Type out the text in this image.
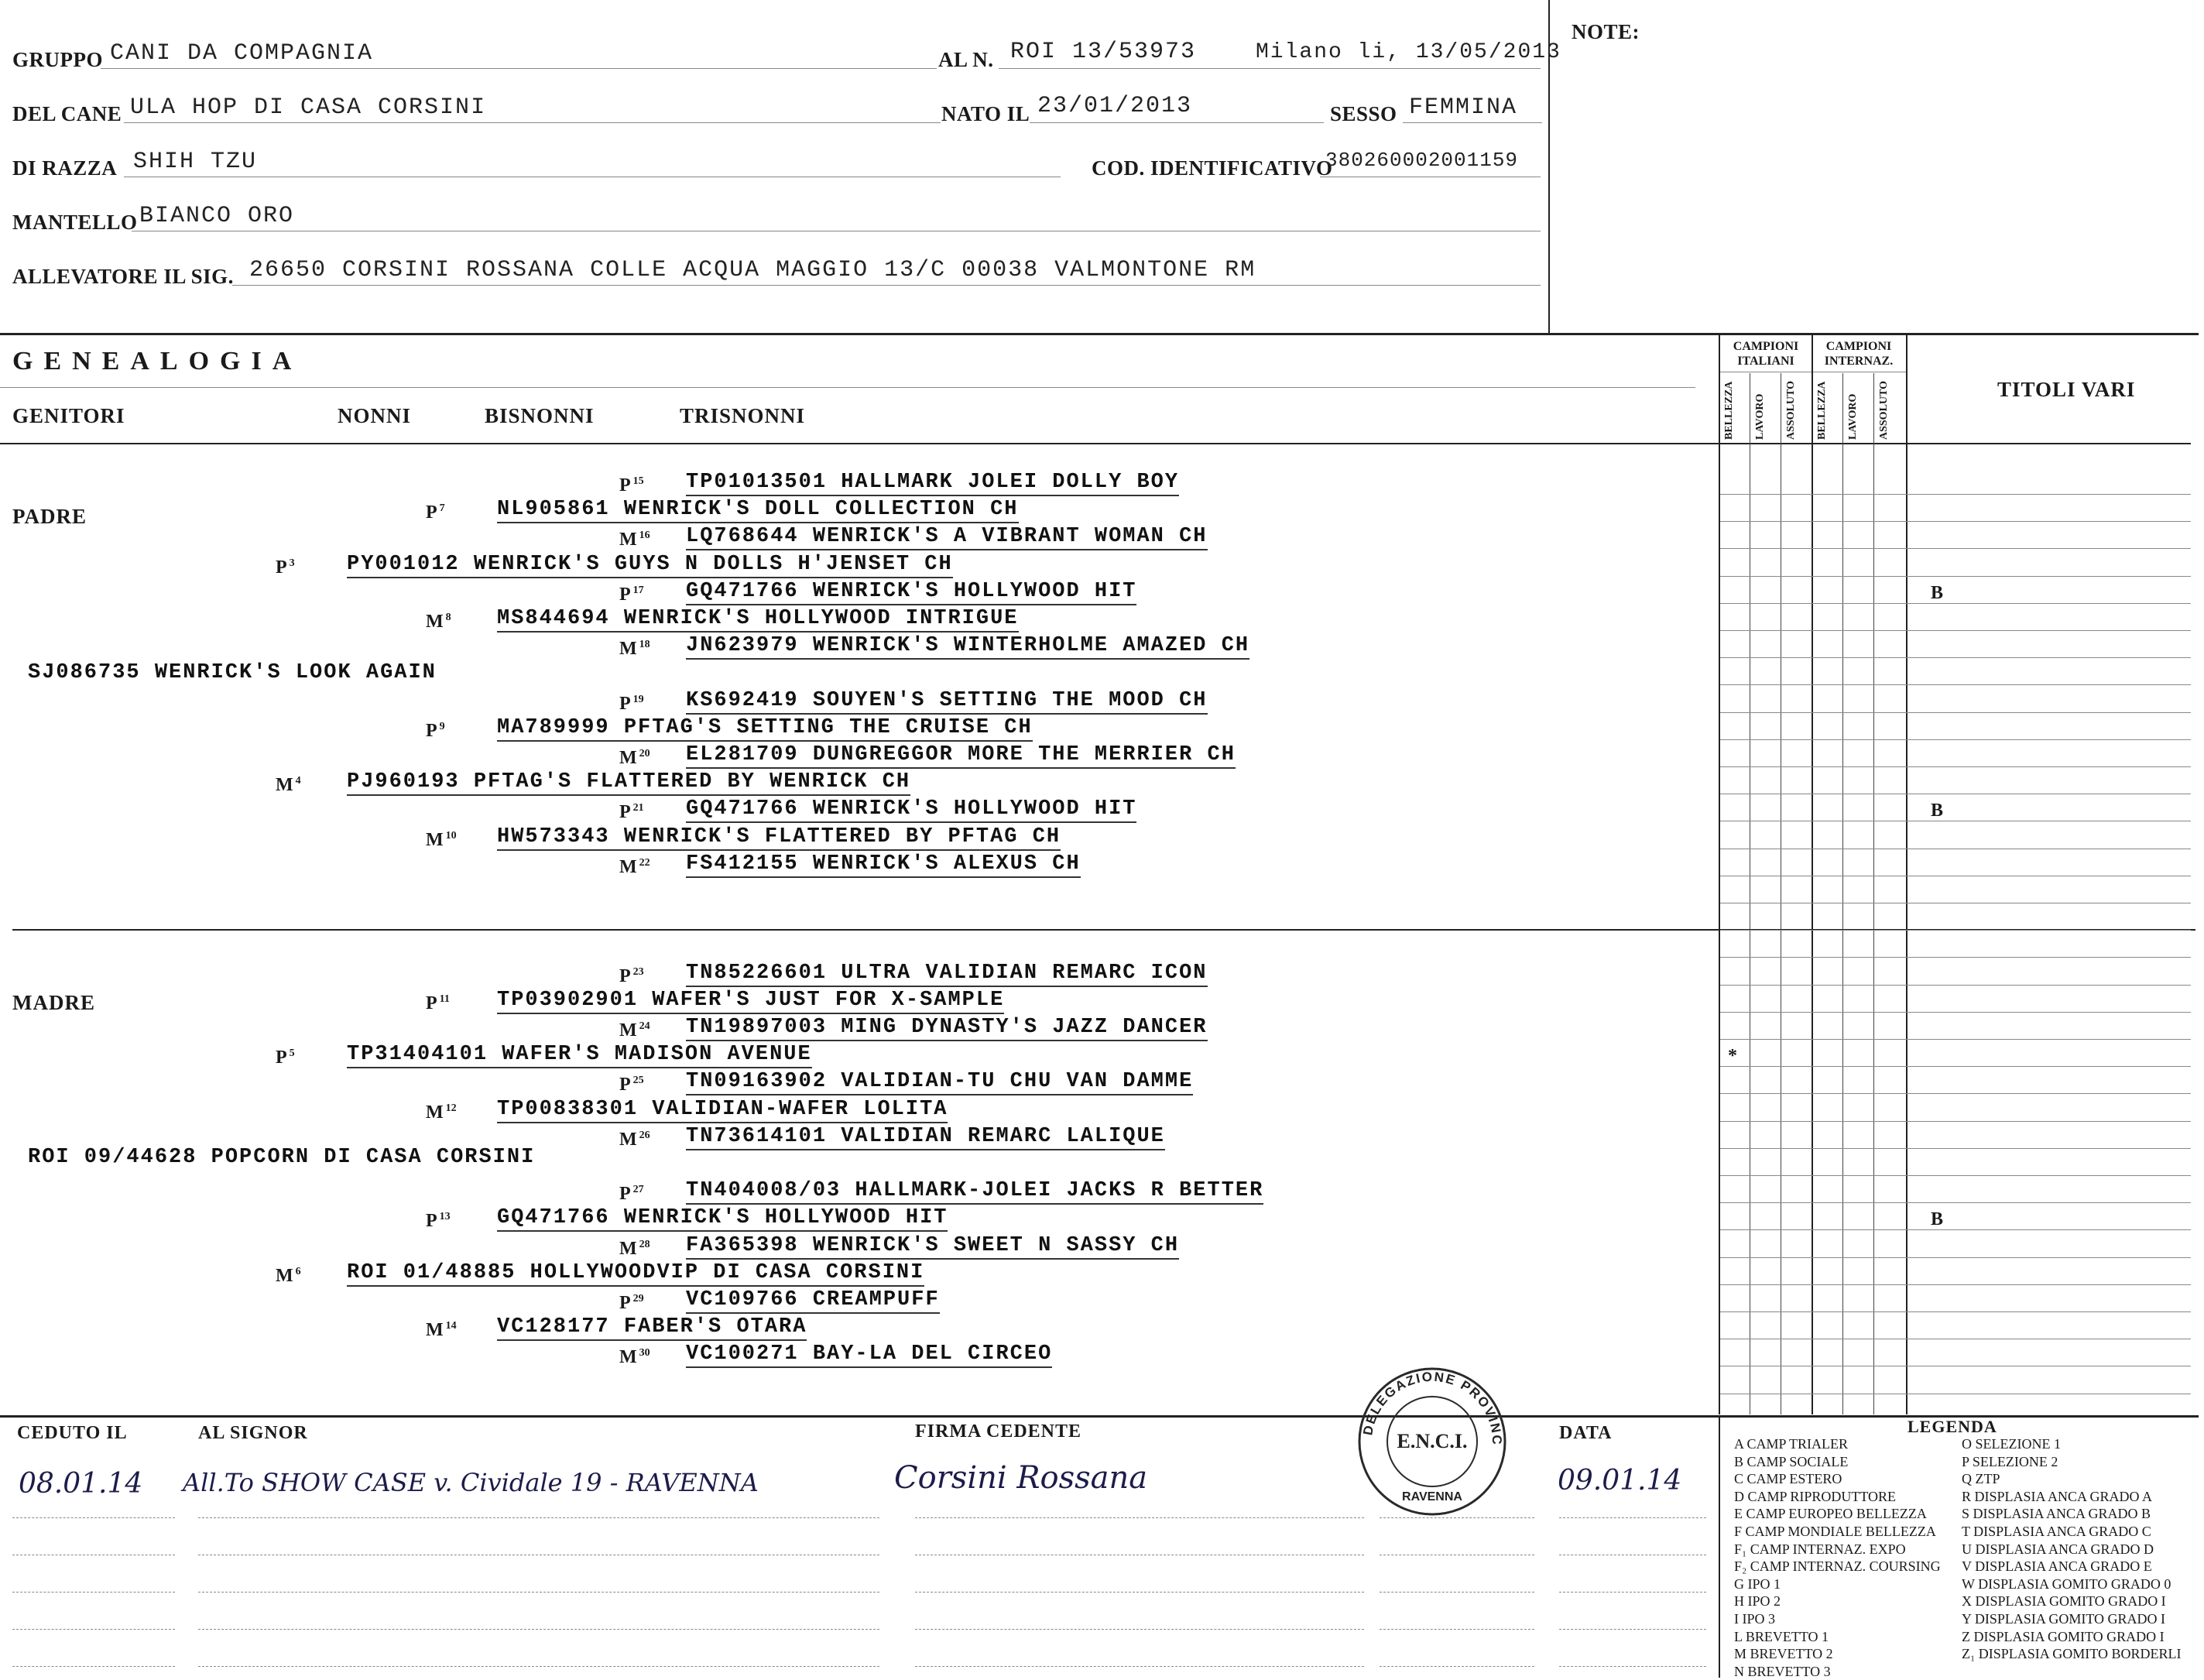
NOTE:
GRUPPO CANI DA COMPAGNIA	AL N. ROI 13/53973	Milano li, 13/05/2013
DEL CANE ULA HOP DI CASA CORSINI	NATO IL 23/01/2013	SESSO FEMMINA
DI RAZZA SHIH TZU	COD. IDENTIFICATIVO
380260002001159
MANTELLO BIANCO ORO
ALLEVATORE IL SIG. 26650 CORSINI ROSSANA COLLE ACQUA MAGGIO 13/C 00038 VALMONTONE RM
GENEALOGIA
GENITORI	NONNI	BISNONNI	TRISNONNI
CAMPIONI ITALIANI
CAMPIONI INTERNAZ.
TITOLI VARI
BELLEZZA LAVORO ASSOLUTO BELLEZZA LAVORO ASSOLUTO
PADRE
SJ086735 WENRICK'S LOOK AGAIN
MADRE
ROI 09/44628 POPCORN DI CASA CORSINI
P $^{15}$ TP01013501 HALLMARK JOLEI DOLLY BOY
P $^7$ NL905861 WENRICK'S DOLL COLLECTION CH
M $^{16}$ LQ768644 WENRICK'S A VIBRANT WOMAN CH
P $^3$ PY001012 WENRICK'S GUYS N DOLLS H'JENSET CH
P $^{17}$ GQ471766 WENRICK'S HOLLYWOOD HIT	B
M $^8$ MS844694 WENRICK'S HOLLYWOOD INTRIGUE
M $^{18}$ JN623979 WENRICK'S WINTERHOLME AMAZED CH
P $^{19}$ KS692419 SOUYEN'S SETTING THE MOOD CH
P $^9$ MA789999 PFTAG'S SETTING THE CRUISE CH
M $^{20}$ EL281709 DUNGREGGOR MORE THE MERRIER CH
M $^4$ PJ960193 PFTAG'S FLATTERED BY WENRICK CH
P $^{21}$ GQ471766 WENRICK'S HOLLYWOOD HIT	B
M $^{10}$ HW573343 WENRICK'S FLATTERED BY PFTAG CH
M $^{22}$ FS412155 WENRICK'S ALEXUS CH
P $^{23}$ TN85226601 ULTRA VALIDIAN REMARC ICON
P $^{11}$ TP03902901 WAFER'S JUST FOR X-SAMPLE
M $^{24}$ TN19897003 MING DYNASTY'S JAZZ DANCER
P $^5$ TP31404101 WAFER'S MADISON AVENUE	*
P $^{25}$ TN09163902 VALIDIAN-TU CHU VAN DAMME
M $^{12}$ TP00838301 VALIDIAN-WAFER LOLITA
M $^{26}$ TN73614101 VALIDIAN REMARC LALIQUE
P $^{27}$ TN404008/03 HALLMARK-JOLEI JACKS R BETTER
P $^{13}$ GQ471766 WENRICK'S HOLLYWOOD HIT	B
M $^{28}$ FA365398 WENRICK'S SWEET N SASSY CH
M $^6$ ROI 01/48885 HOLLYWOODVIP DI CASA CORSINI
P $^{29}$ VC109766 CREAMPUFF
M $^{14}$ VC128177 FABER'S OTARA
M $^{30}$ VC100271 BAY-LA DEL CIRCEO
CEDUTO IL	AL SIGNOR	FIRMA CEDENTE	DATA
08.01.14 All.To SHOW CASE v. Cividale 19 - RAVENNA	Corsini Rossana	09.01.14
DELEGAZIONE PROVINC
E.N.C.I.
RAVENNA
LEGENDA
A CAMP TRIALER
B CAMP SOCIALE
C CAMP ESTERO
D CAMP RIPRODUTTORE
E CAMP EUROPEO BELLEZZA
F CAMP MONDIALE BELLEZZA
F₁ CAMP INTERNAZ. EXPO
F₂ CAMP INTERNAZ. COURSING
G IPO 1
H IPO 2
I IPO 3
L BREVETTO 1
M BREVETTO 2
N BREVETTO 3
O SELEZIONE 1
P SELEZIONE 2
Q ZTP
R DISPLASIA ANCA GRADO A
S DISPLASIA ANCA GRADO B
T DISPLASIA ANCA GRADO C
U DISPLASIA ANCA GRADO D
V DISPLASIA ANCA GRADO E
W DISPLASIA GOMITO GRADO 0
X DISPLASIA GOMITO GRADO I
Y DISPLASIA GOMITO GRADO I
Z DISPLASIA GOMITO GRADO I
Z₁ DISPLASIA GOMITO BORDERLI
